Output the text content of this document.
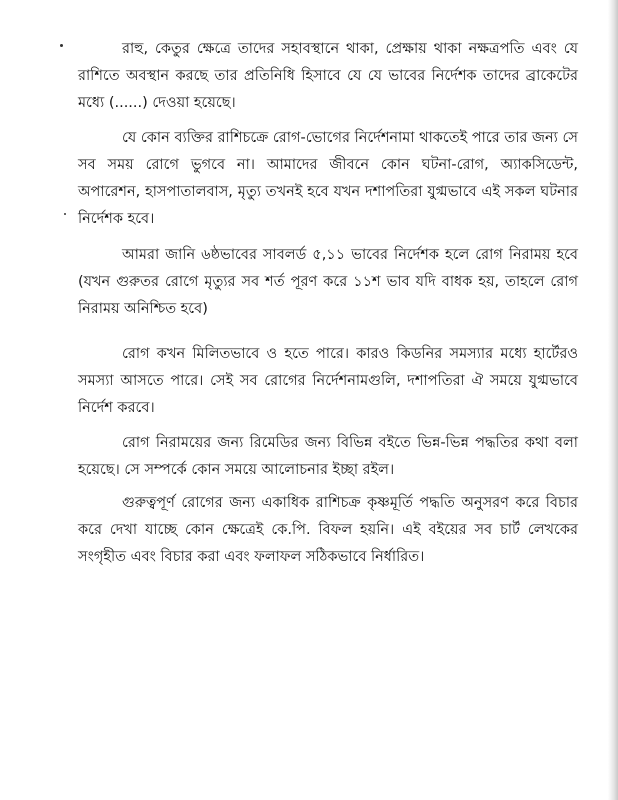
রাহু, কেতুর ক্ষেত্রে তাদের সহাবস্থানে থাকা, প্রেক্ষায় থাকা নক্ষত্রপতি এবং যে রাশিতে অবস্থান করছে তার প্রতিনিধি হিসাবে যে যে ভাবের নির্দেশক তাদের ব্রাকেটের মধ্যে (......) দেওয়া হয়েছে।

যে কোন ব্যক্তির রাশিচক্রে রোগ-ভোগের নির্দেশনামা থাকতেই পারে তার জন্য সে সব সময় রোগে ভুগবে না। আমাদের জীবনে কোন ঘটনা-রোগ, অ্যাকসিডেন্ট, অপারেশন, হাসপাতালবাস, মৃত্যু তখনই হবে যখন দশাপতিরা যুগ্মভাবে এই সকল ঘটনার নির্দেশক হবে।

আমরা জানি ৬ষ্ঠভাবের সাবলর্ড ৫,১১ ভাবের নির্দেশক হলে রোগ নিরাময় হবে (যখন গুরুতর রোগে মৃত্যুর সব শর্ত পূরণ করে ১১শ ভাব যদি বাধক হয়, তাহলে রোগ নিরাময় অনিশ্চিত হবে)

রোগ কখন মিলিতভাবে ও হতে পারে। কারও কিডনির সমস্যার মধ্যে হার্টেরও সমস্যা আসতে পারে। সেই সব রোগের নির্দেশনামগুলি, দশাপতিরা ঐ সময়ে যুগ্মভাবে নির্দেশ করবে।

রোগ নিরাময়ের জন্য রিমেডির জন্য বিভিন্ন বইতে ভিন্ন-ভিন্ন পদ্ধতির কথা বলা হয়েছে। সে সম্পর্কে কোন সময়ে আলোচনার ইচ্ছা রইল।

গুরুত্বপূর্ণ রোগের জন্য একাধিক রাশিচক্র কৃষ্ণমূর্তি পদ্ধতি অনুসরণ করে বিচার করে দেখা যাচ্ছে কোন ক্ষেত্রেই কে.পি. বিফল হয়নি। এই বইয়ের সব চার্ট লেখকের সংগৃহীত এবং বিচার করা এবং ফলাফল সঠিকভাবে নির্ধারিত।
